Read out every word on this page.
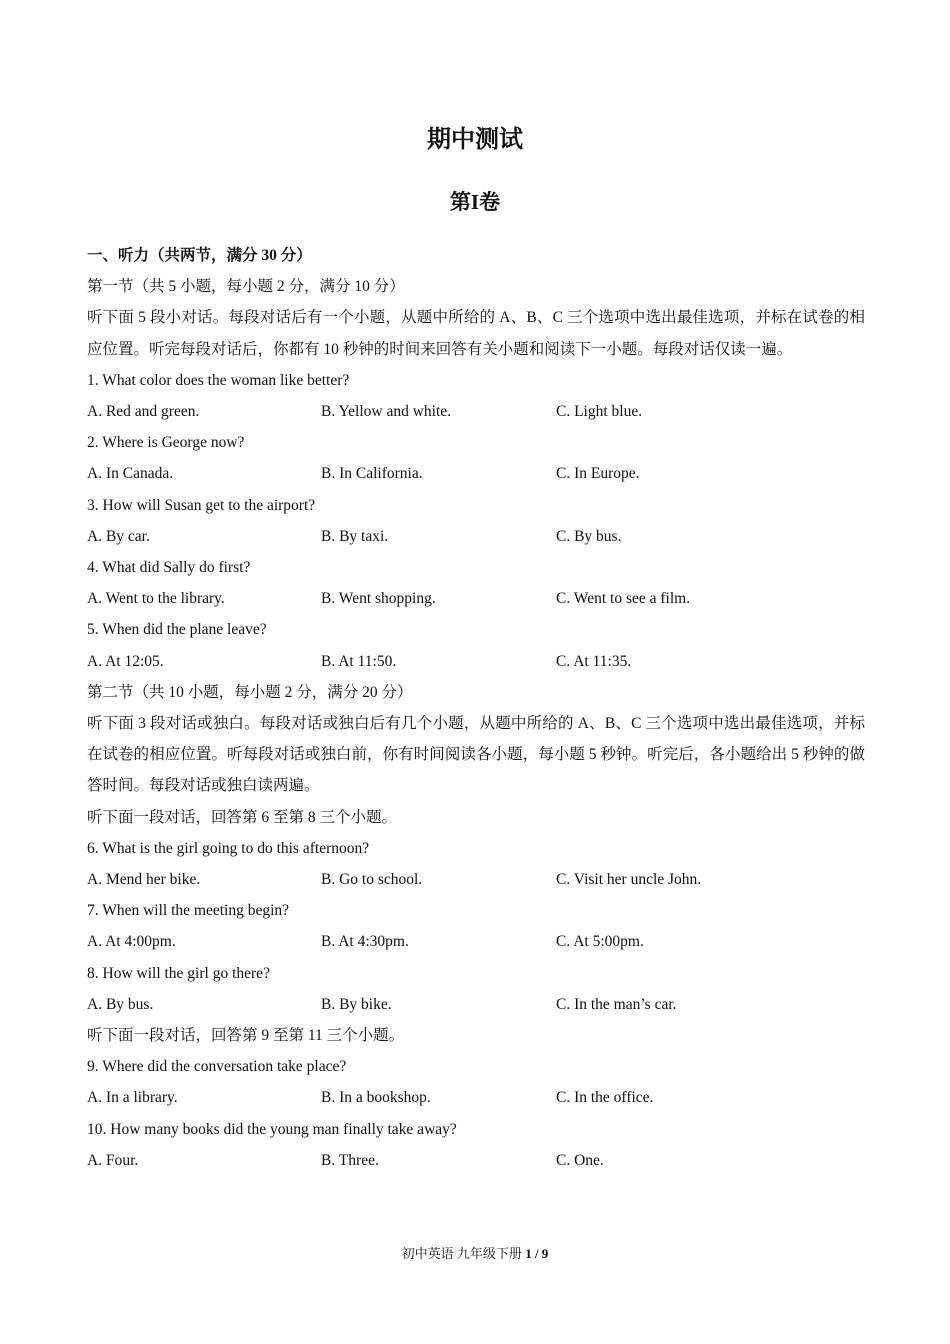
期中测试
第I卷

一、听力（共两节，满分 30 分）

第一节（共 5 小题，每小题 2 分，满分 10 分）

听下面 5 段小对话。每段对话后有一个小题，从题中所给的 A、B、C 三个选项中选出最佳选项，并标在试卷的相应位置。听完每段对话后，你都有 10 秒钟的时间来回答有关小题和阅读下一小题。每段对话仅读一遍。

1. What color does the woman like better?

A. Red and green.	B. Yellow and white.	C. Light blue.

2. Where is George now?

A. In Canada.	B. In California.	C. In Europe.

3. How will Susan get to the airport?

A. By car.	B. By taxi.	C. By bus.

4. What did Sally do first?

A. Went to the library.	B. Went shopping.	C. Went to see a film.

5. When did the plane leave?

A. At 12:05.	B. At 11:50.	C. At 11:35.

第二节（共 10 小题，每小题 2 分，满分 20 分）

听下面 3 段对话或独白。每段对话或独白后有几个小题，从题中所给的 A、B、C 三个选项中选出最佳选项，并标在试卷的相应位置。听每段对话或独白前，你有时间阅读各小题，每小题 5 秒钟。听完后，各小题给出 5 秒钟的做答时间。每段对话或独白读两遍。

听下面一段对话，回答第 6 至第 8 三个小题。

6. What is the girl going to do this afternoon?

A. Mend her bike.	B. Go to school.	C. Visit her uncle John.

7. When will the meeting begin?

A. At 4:00pm.	B. At 4:30pm.	C. At 5:00pm.

8. How will the girl go there?

A. By bus.	B. By bike.	C. In the man’s car.

听下面一段对话，回答第 9 至第 11 三个小题。

9. Where did the conversation take place?

A. In a library.	B. In a bookshop.	C. In the office.

10. How many books did the young man finally take away?

A. Four.	B. Three.	C. One.
初中英语 九年级下册 1 / 9
